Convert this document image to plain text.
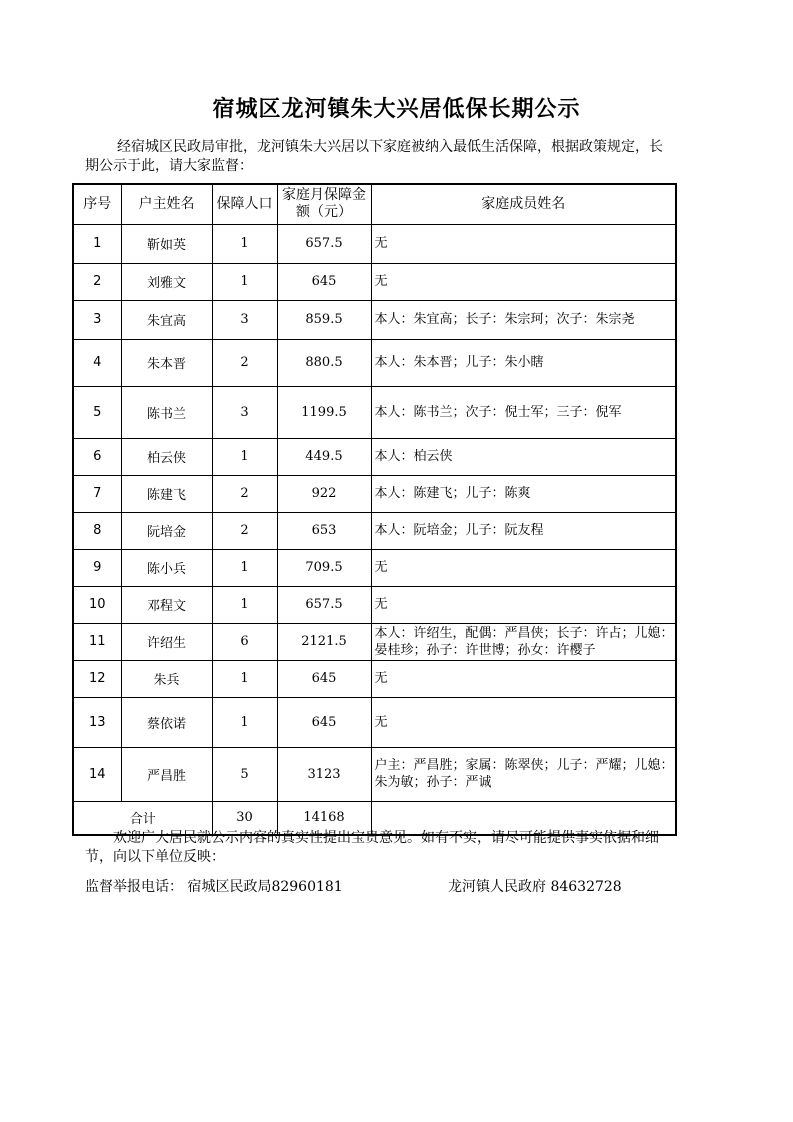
宿城区龙河镇朱大兴居低保长期公示
经宿城区民政局审批，龙河镇朱大兴居以下家庭被纳入最低生活保障，根据政策规定，长期公示于此，请大家监督：
序号	户主姓名	保障人口	家庭月保障金额（元）	家庭成员姓名
1	靳如英	1	657.5	无
2	刘雅文	1	645	无
3	朱宜高	3	859.5	本人：朱宜高；长子：朱宗珂；次子：朱宗尧
4	朱本晋	2	880.5	本人：朱本晋；儿子：朱小瞎
5	陈书兰	3	1199.5	本人：陈书兰；次子：倪士军；三子：倪军
6	柏云侠	1	449.5	本人：柏云侠
7	陈建飞	2	922	本人：陈建飞；儿子：陈爽
8	阮培金	2	653	本人：阮培金；儿子：阮友程
9	陈小兵	1	709.5	无
10	邓程文	1	657.5	无
11	许绍生	6	2121.5	本人：许绍生，配偶：严昌侠；长子：许占；儿媳：晏桂珍；孙子：许世博；孙女：许樱子
12	朱兵	1	645	无
13	蔡依诺	1	645	无
14	严昌胜	5	3123	户主：严昌胜；家属：陈翠侠；儿子：严耀；儿媳：朱为敏；孙子：严诚
合计		30	14168	
欢迎广大居民就公示内容的真实性提出宝贵意见。如有不实，请尽可能提供事实依据和细节，向以下单位反映：
监督举报电话： 宿城区民政局82960181	龙河镇人民政府 84632728
